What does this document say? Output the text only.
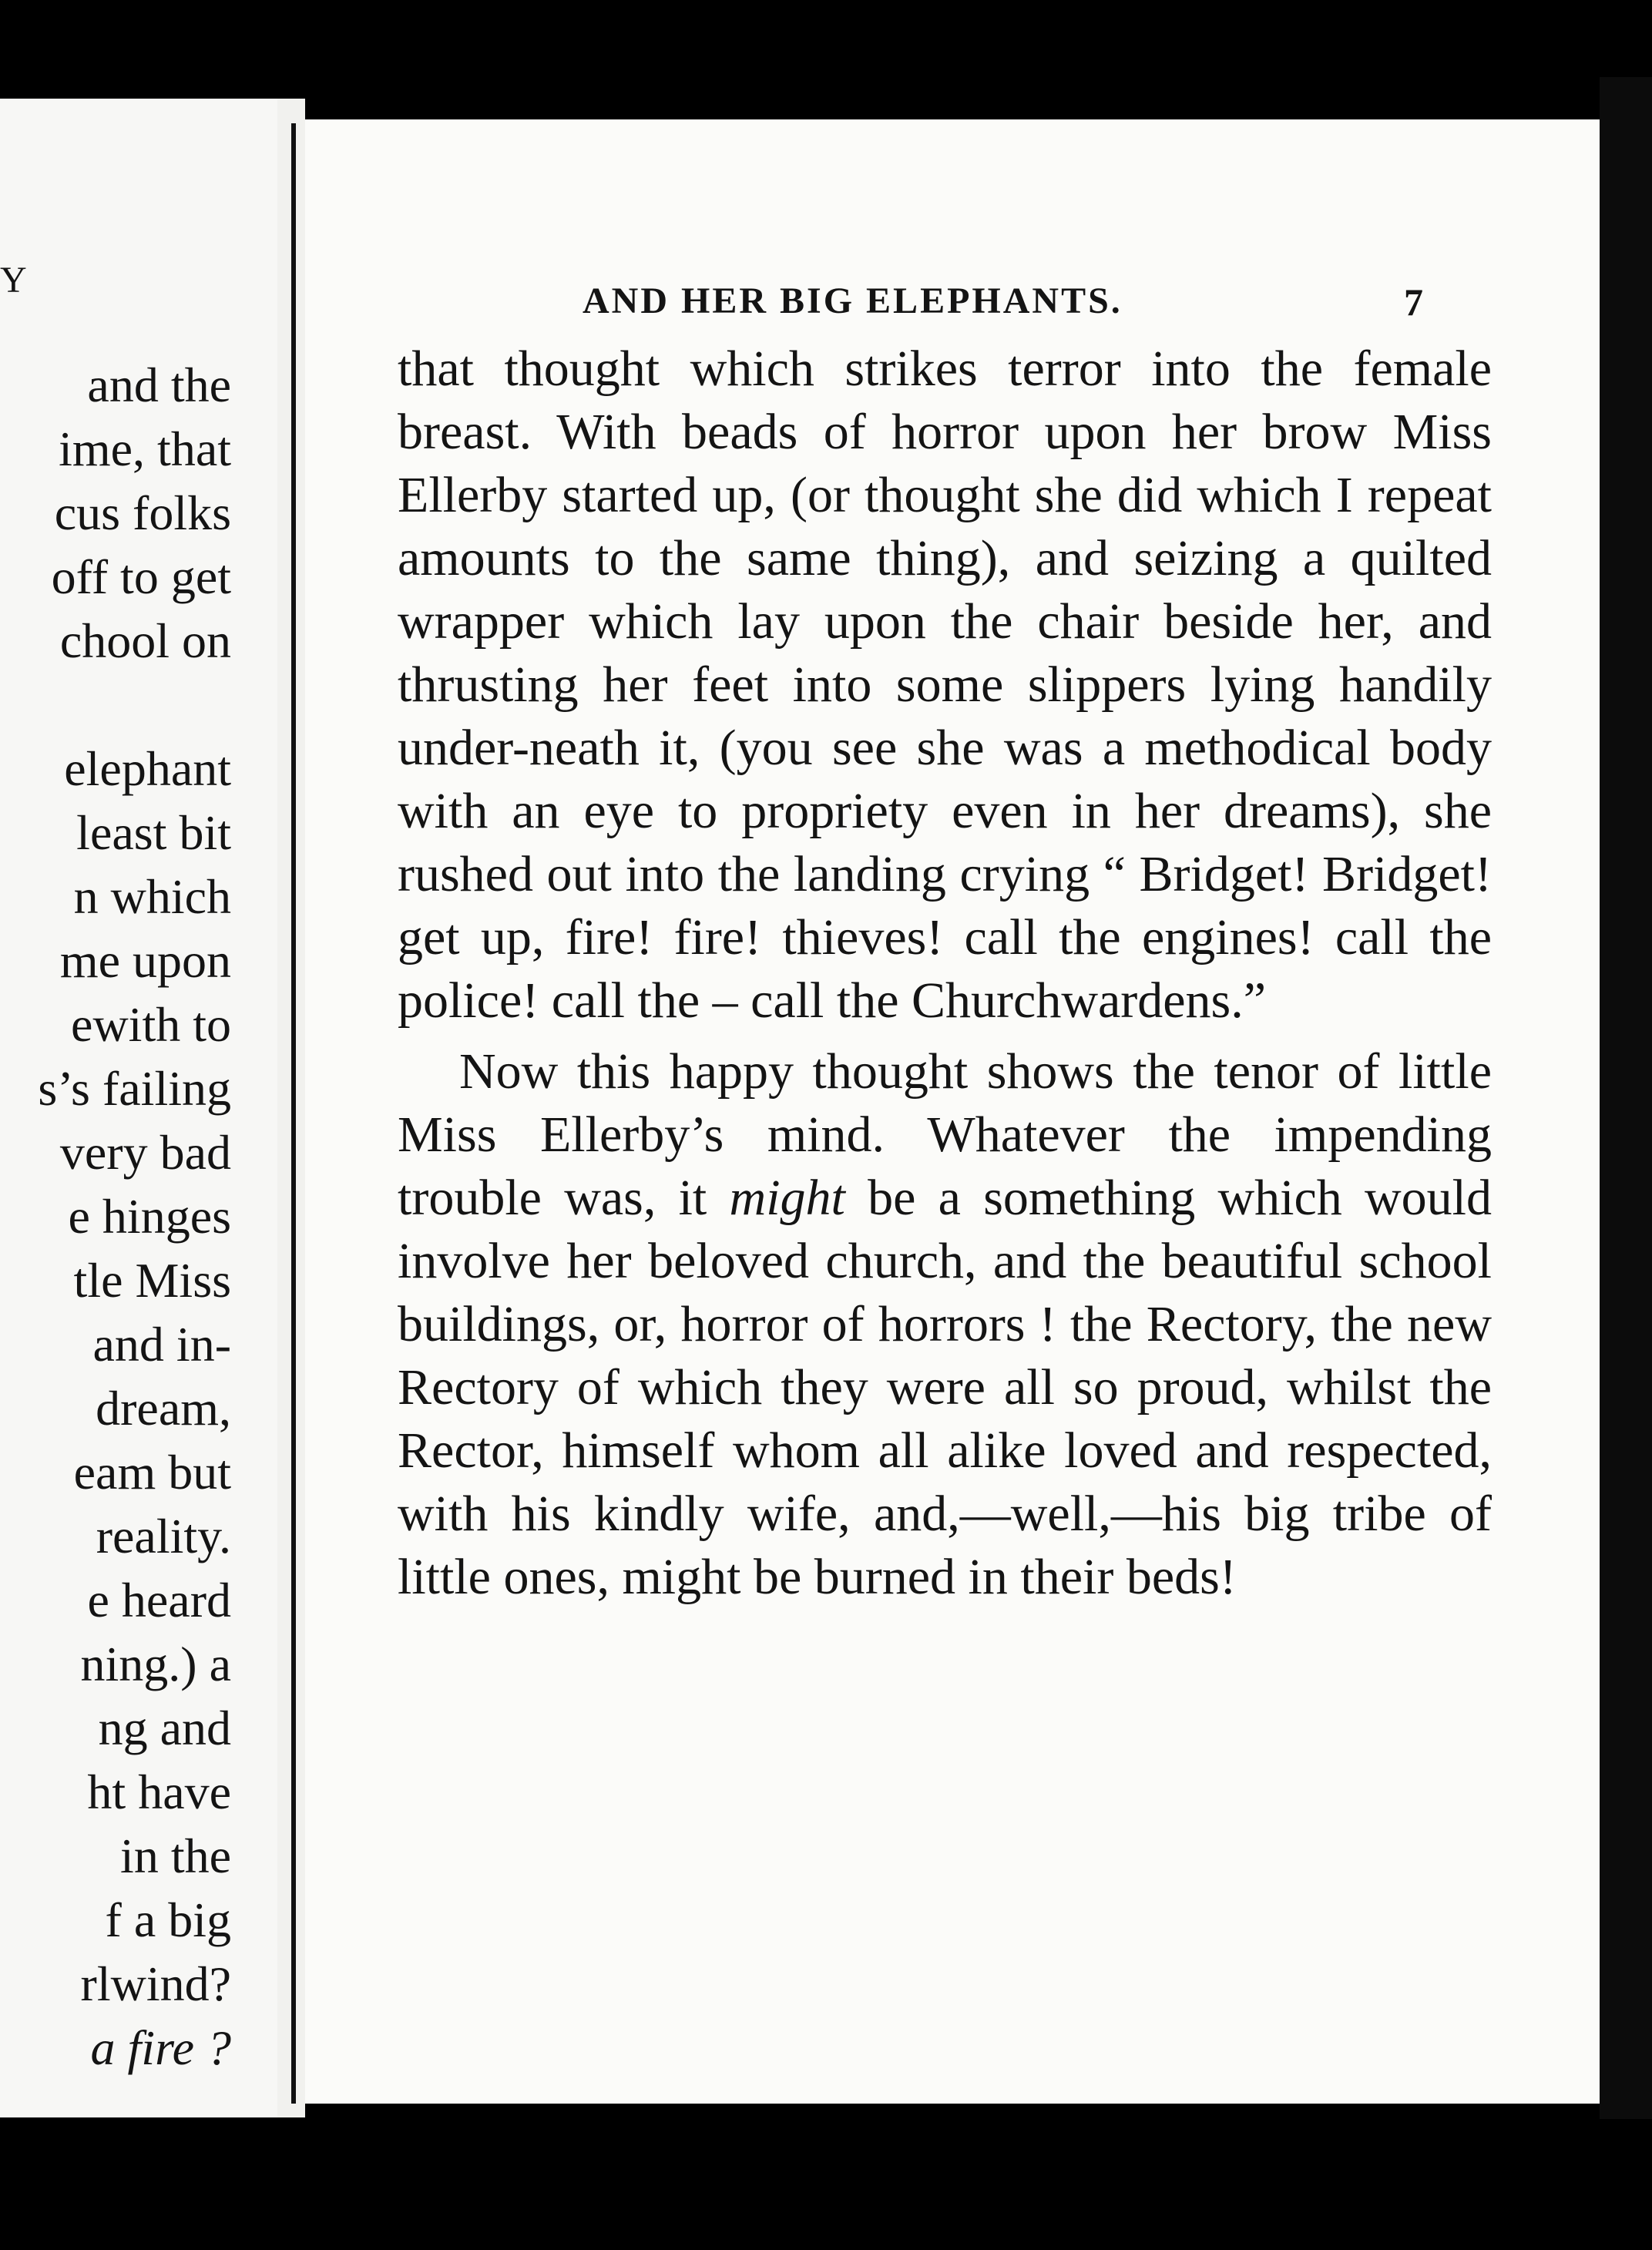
Y
and the
ime, that
cus folks
off to get
chool on
elephant
least bit
n which
me upon
ewith to
s’s failing
very bad
e hinges
tle Miss
and in-
dream,
eam but
reality.
e heard
ning.) a
ng and
ht have
in the
f a big
rlwind?
a fire ?
AND HER BIG ELEPHANTS.	7

that thought which strikes terror into the female breast. With beads of horror upon her brow Miss Ellerby started up, (or thought she did which I repeat amounts to the same thing), and seizing a quilted wrapper which lay upon the chair beside her, and thrusting her feet into some slippers lying handily under-neath it, (you see she was a methodical body with an eye to propriety even in her dreams), she rushed out into the landing crying “ Bridget! Bridget! get up, fire! fire! thieves! call the engines! call the police! call the – call the Churchwardens.”

Now this happy thought shows the tenor of little Miss Ellerby’s mind. Whatever the impending trouble was, it might be a something which would involve her beloved church, and the beautiful school buildings, or, horror of horrors ! the Rectory, the new Rectory of which they were all so proud, whilst the Rector, himself whom all alike loved and respected, with his kindly wife, and,—well,—his big tribe of little ones, might be burned in their beds!
